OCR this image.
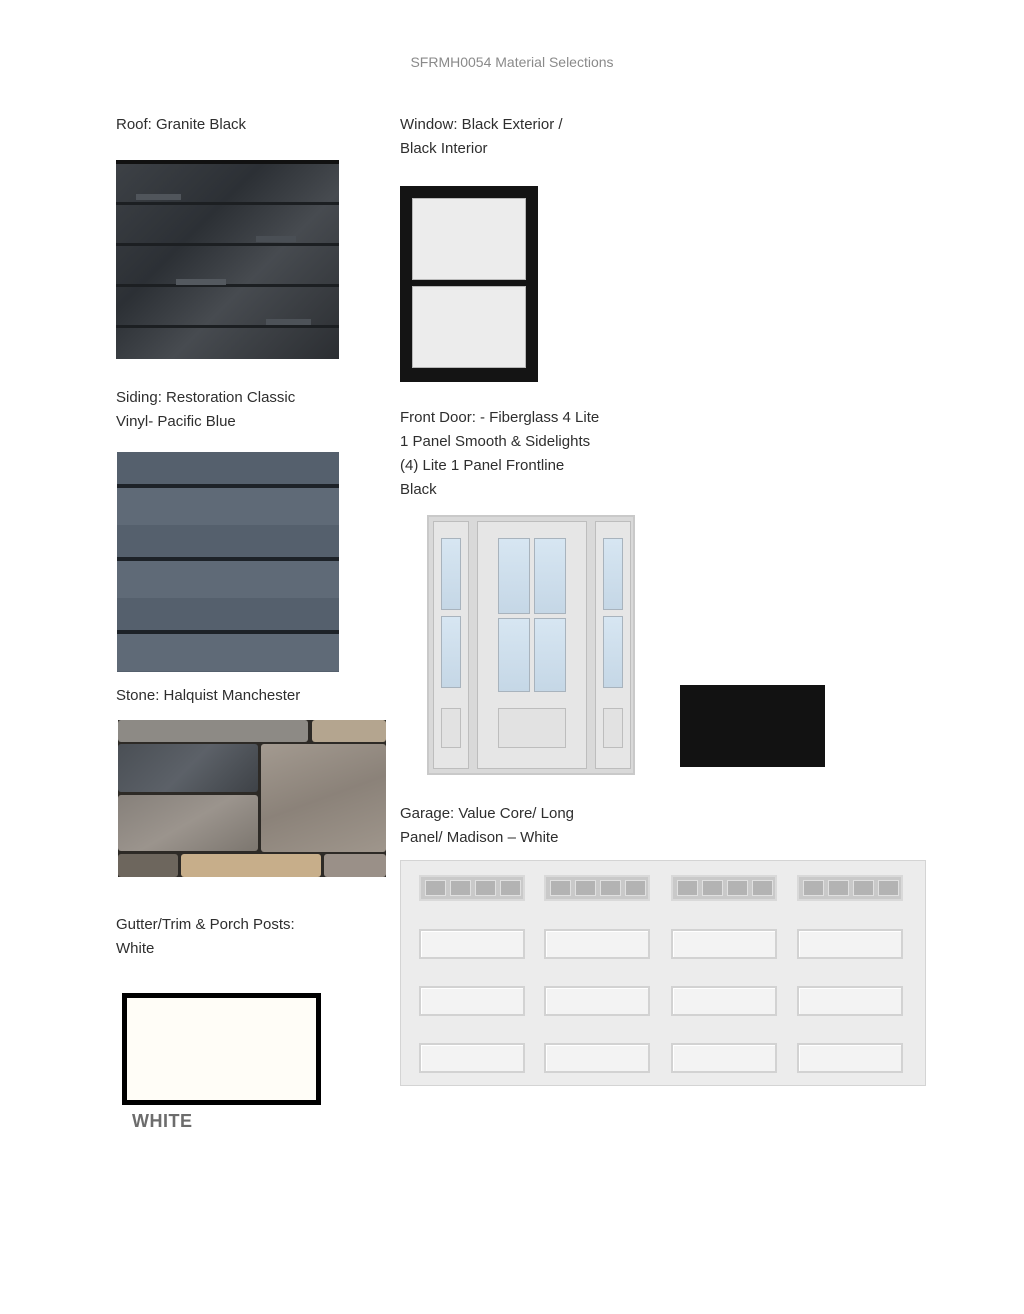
SFRMH0054 Material Selections
Roof: Granite Black	Window: Black Exterior /
Black Interior
Siding: Restoration Classic
Vinyl- Pacific Blue	Front Door: - Fiberglass 4 Lite
1 Panel Smooth & Sidelights
(4) Lite 1 Panel Frontline
Black
Stone: Halquist Manchester
Garage: Value Core/ Long
Panel/ Madison – White
Gutter/Trim & Porch Posts:
White
WHITE
